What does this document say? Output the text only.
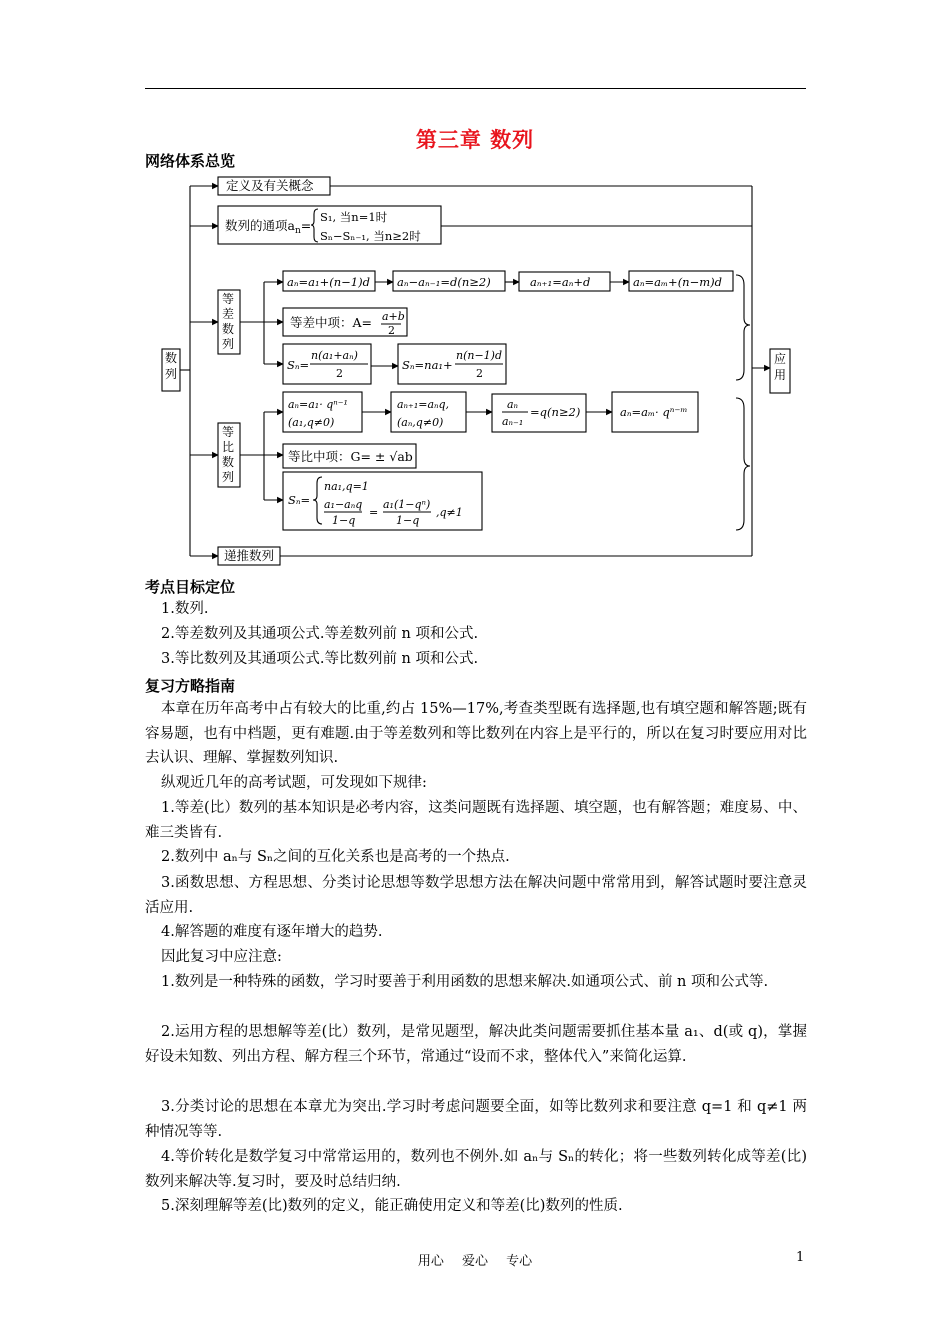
第三章 数列
网络体系总览
定义及有关概念
数列的通项$a_n=$
S₁, 当n=1时
Sₙ−Sₙ₋₁, 当n≥2时
数列
应用
等差数列
等比数列
aₙ=a₁+(n−1)d aₙ−aₙ₋₁=d(n≥2)	aₙ₊₁=aₙ+d	aₙ=aₘ+(n−m)d
等差中项：A= a+b
2
Sₙ=
n(a₁+aₙ)
2
Sₙ=na₁+
n(n−1)d
2
aₙ=a₁· qⁿ⁻¹
(a₁,q≠0)
aₙ₊₁=aₙq,
(aₙ,q≠0)
aₙ
aₙ₋₁
=q(n≥2)	aₙ=aₘ· qⁿ⁻ᵐ
等比中项：G= ± √ab
Sₙ=
na₁,q=1
a₁−aₙq
1−q
=
a₁(1−qⁿ)
1−q
,q≠1
递推数列
考点目标定位
1.数列.
2.等差数列及其通项公式.等差数列前 n 项和公式.
3.等比数列及其通项公式.等比数列前 n 项和公式.
复习方略指南
本章在历年高考中占有较大的比重,约占 15%—17%,考查类型既有选择题,也有填空题和解答题;既有容易题，也有中档题，更有难题.由于等差数列和等比数列在内容上是平行的，所以在复习时要应用对比去认识、理解、掌握数列知识.
纵观近几年的高考试题，可发现如下规律:
1.等差(比）数列的基本知识是必考内容，这类问题既有选择题、填空题，也有解答题；难度易、中、难三类皆有.
2.数列中 aₙ与 Sₙ之间的互化关系也是高考的一个热点.
3.函数思想、方程思想、分类讨论思想等数学思想方法在解决问题中常常用到，解答试题时要注意灵活应用.
4.解答题的难度有逐年增大的趋势.
因此复习中应注意:
1.数列是一种特殊的函数，学习时要善于利用函数的思想来解决.如通项公式、前 n 项和公式等.
2.运用方程的思想解等差(比）数列，是常见题型，解决此类问题需要抓住基本量 a₁、d(或 q)，掌握好设未知数、列出方程、解方程三个环节，常通过“设而不求，整体代入”来简化运算.
3.分类讨论的思想在本章尤为突出.学习时考虑问题要全面，如等比数列求和要注意 q=1 和 q≠1 两种情况等等.
4.等价转化是数学复习中常常运用的，数列也不例外.如 aₙ与 Sₙ的转化；将一些数列转化成等差(比)数列来解决等.复习时，要及时总结归纳.
5.深刻理解等差(比)数列的定义，能正确使用定义和等差(比)数列的性质.
用心 爱心 专心	1
